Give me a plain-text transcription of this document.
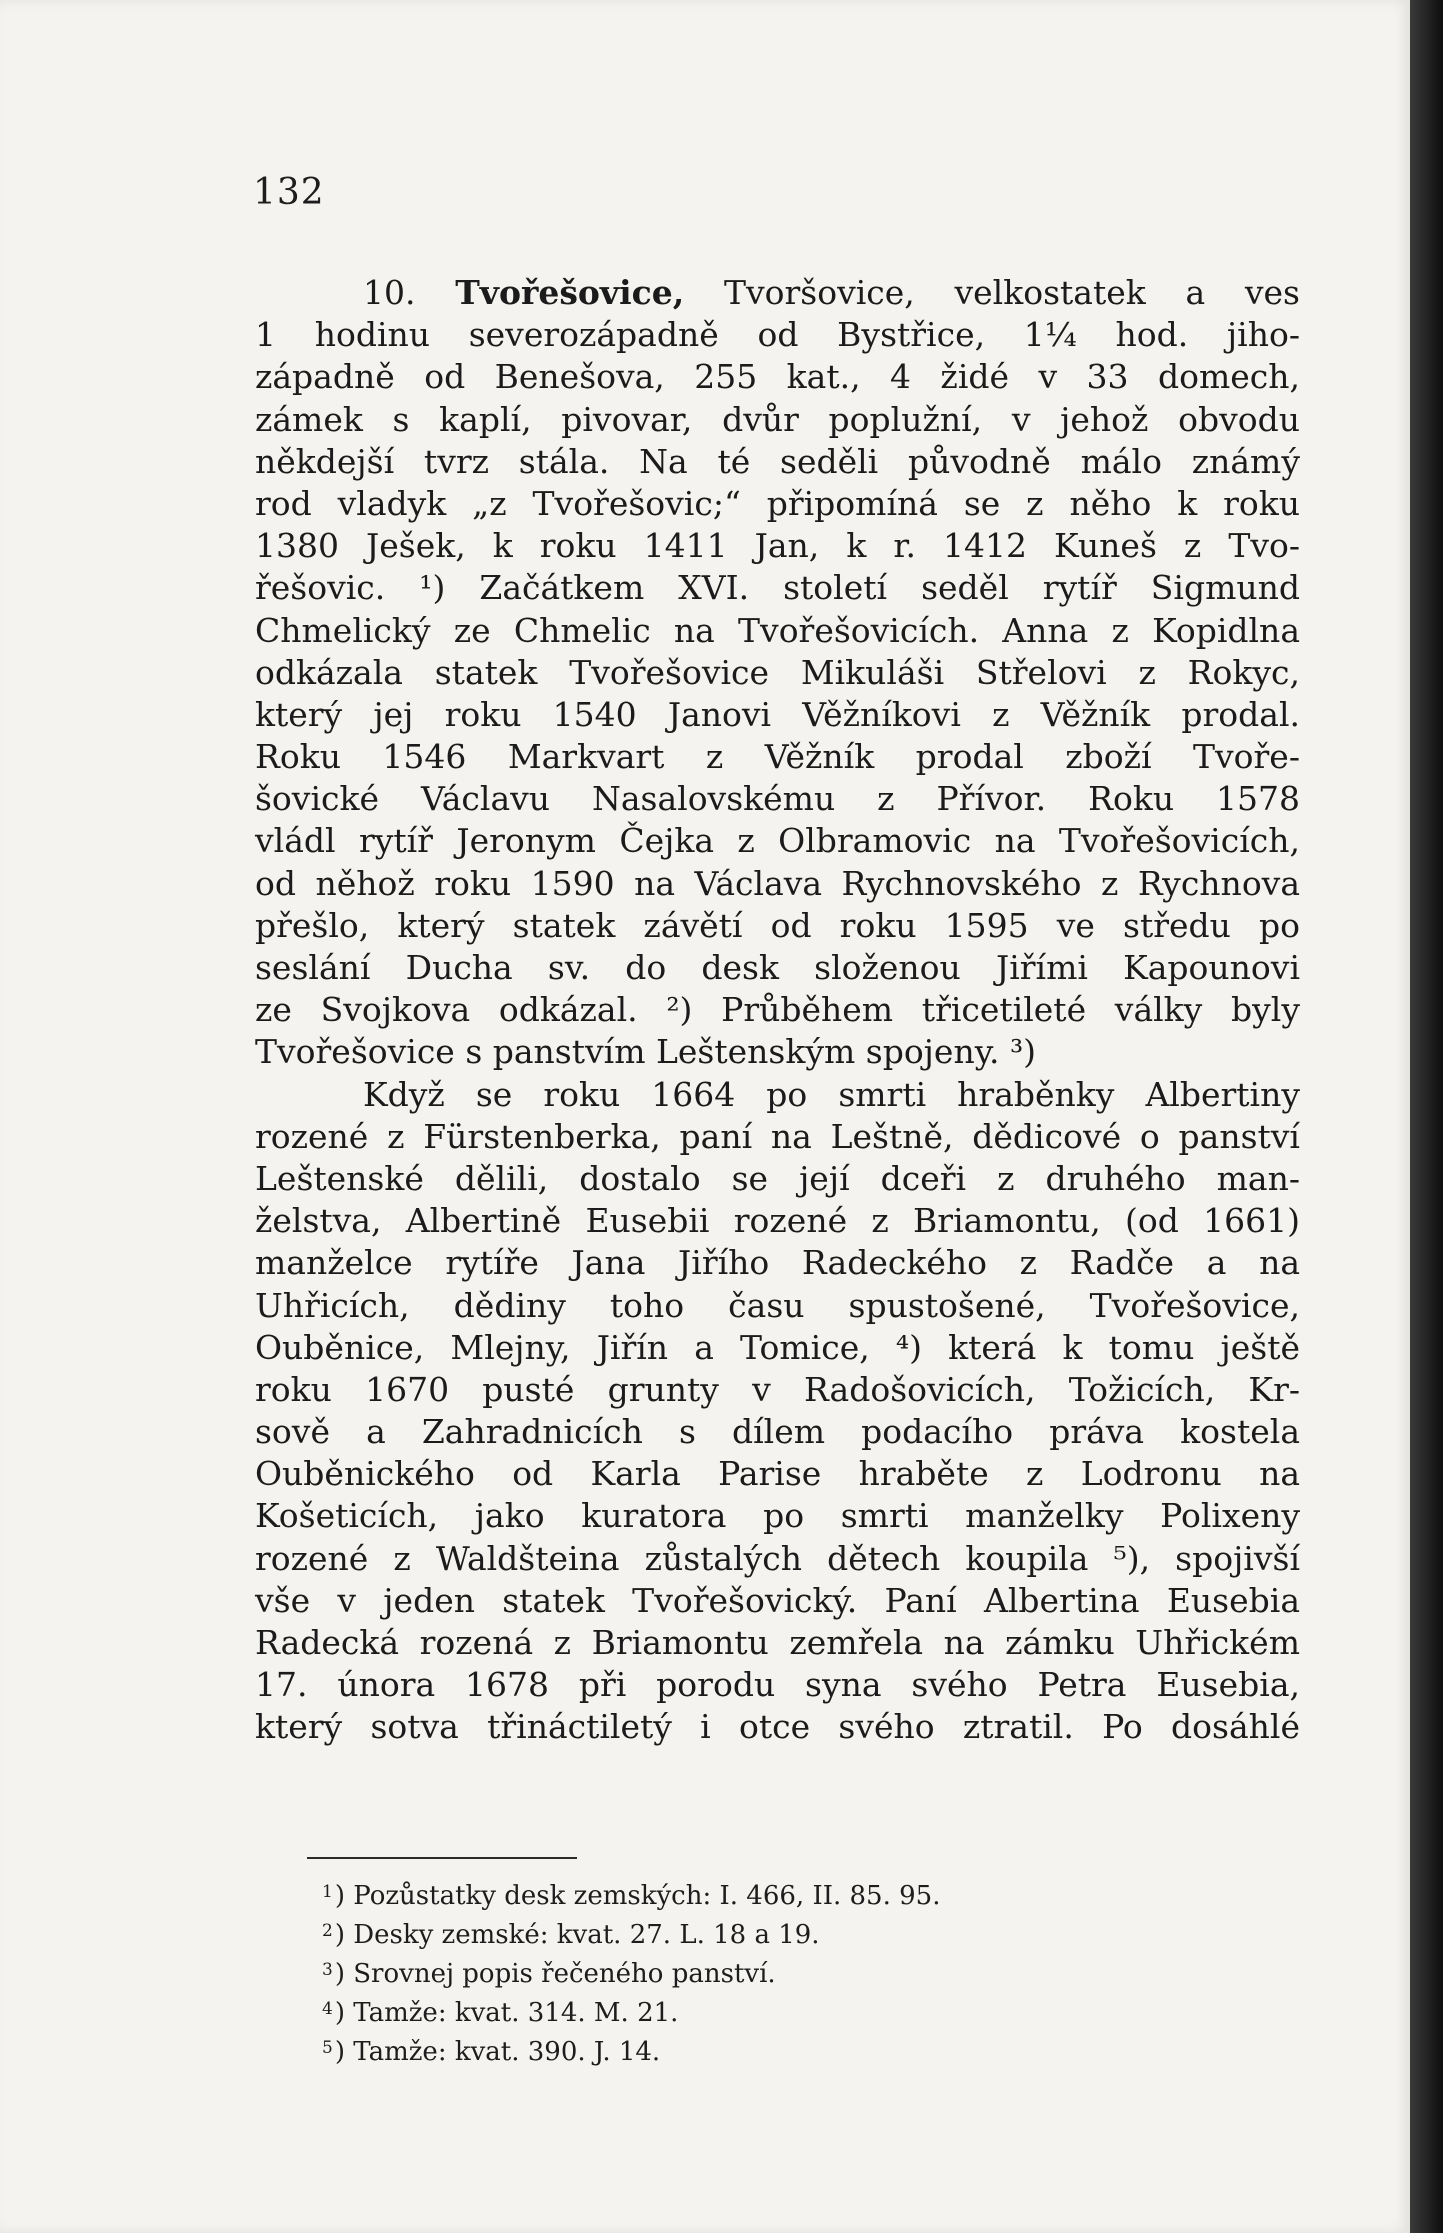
132
10. Tvořešovice, Tvoršovice, velkostatek a ves
1 hodinu severozápadně od Bystřice, 1¼ hod. jiho-
západně od Benešova, 255 kat., 4 židé v 33 domech,
zámek s kaplí, pivovar, dvůr poplužní, v jehož obvodu
někdejší tvrz stála. Na té seděli původně málo známý
rod vladyk „z Tvořešovic;“ připomíná se z něho k roku
1380 Ješek, k roku 1411 Jan, k r. 1412 Kuneš z Tvo-
řešovic. ¹) Začátkem XVI. století seděl rytíř Sigmund
Chmelický ze Chmelic na Tvořešovicích. Anna z Kopidlna
odkázala statek Tvořešovice Mikuláši Střelovi z Rokyc,
který jej roku 1540 Janovi Věžníkovi z Věžník prodal.
Roku 1546 Markvart z Věžník prodal zboží Tvoře-
šovické Václavu Nasalovskému z Přívor. Roku 1578
vládl rytíř Jeronym Čejka z Olbramovic na Tvořešovicích,
od něhož roku 1590 na Václava Rychnovského z Rychnova
přešlo, který statek závětí od roku 1595 ve středu po
seslání Ducha sv. do desk složenou Jiřími Kapounovi
ze Svojkova odkázal. ²) Průběhem třicetileté války byly
Tvořešovice s panstvím Leštenským spojeny. ³)
Když se roku 1664 po smrti hraběnky Albertiny
rozené z Fürstenberka, paní na Leštně, dědicové o panství
Leštenské dělili, dostalo se její dceři z druhého man-
želstva, Albertině Eusebii rozené z Briamontu, (od 1661)
manželce rytíře Jana Jiřího Radeckého z Radče a na
Uhřicích, dědiny toho času spustošené, Tvořešovice,
Ouběnice, Mlejny, Jiřín a Tomice, ⁴) která k tomu ještě
roku 1670 pusté grunty v Radošovicích, Tožicích, Kr-
sově a Zahradnicích s dílem podacího práva kostela
Ouběnického od Karla Parise hraběte z Lodronu na
Košeticích, jako kuratora po smrti manželky Polixeny
rozené z Waldšteina zůstalých dětech koupila ⁵), spojivší
vše v jeden statek Tvořešovický. Paní Albertina Eusebia
Radecká rozená z Briamontu zemřela na zámku Uhřickém
17. února 1678 při porodu syna svého Petra Eusebia,
který sotva třináctiletý i otce svého ztratil. Po dosáhlé
$^1$) Pozůstatky desk zemských: I. 466, II. 85. 95.
$^2$) Desky zemské: kvat. 27. L. 18 a 19.
$^3$) Srovnej popis řečeného panství.
$^4$) Tamže: kvat. 314. M. 21.
$^5$) Tamže: kvat. 390. J. 14.
